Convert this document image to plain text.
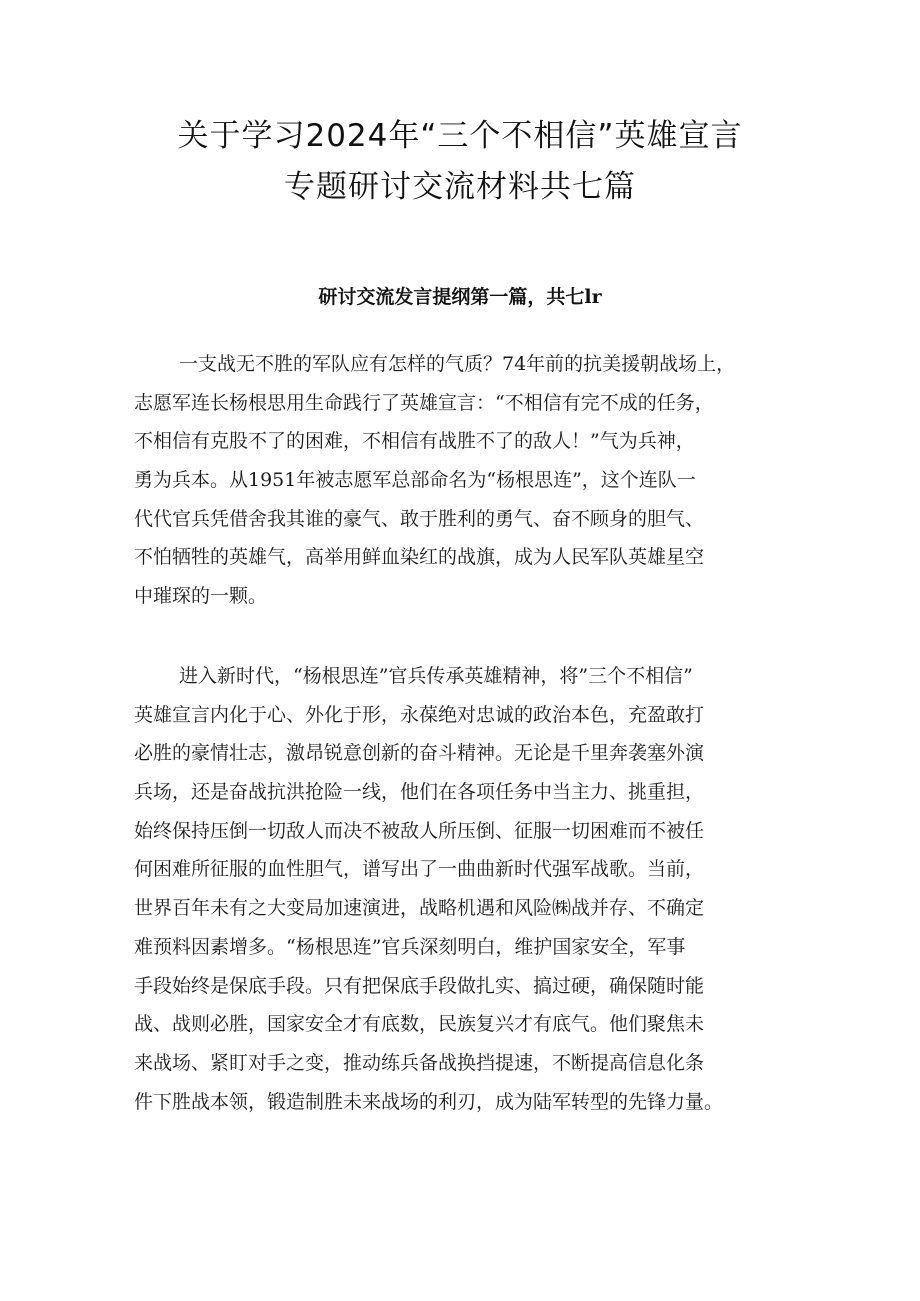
关于学习2024年“三个不相信”英雄宣言
专题研讨交流材料共七篇
研讨交流发言提纲第一篇，共七lr
一支战无不胜的军队应有怎样的气质？74年前的抗美援朝战场上，
志愿军连长杨根思用生命践行了英雄宣言：“不相信有完不成的任务，
不相信有克股不了的困难，不相信有战胜不了的敌人！”气为兵神，
勇为兵本。从1951年被志愿军总部命名为“杨根思连”，这个连队一
代代官兵凭借舍我其谁的豪气、敢于胜利的勇气、奋不顾身的胆气、
不怕牺牲的英雄气，高举用鲜血染红的战旗，成为人民军队英雄星空
中璀琛的一颗。
进入新时代，“杨根思连”官兵传承英雄精神，将”三个不相信”
英雄宣言内化于心、外化于形，永葆绝对忠诚的政治本色，充盈敢打
必胜的豪情壮志，激昂锐意创新的奋斗精神。无论是千里奔袭塞外演
兵场，还是奋战抗洪抢险一线，他们在各项任务中当主力、挑重担，
始终保持压倒一切敌人而决不被敌人所压倒、征服一切困难而不被任
何困难所征服的血性胆气，谱写出了一曲曲新时代强军战歌。当前，
世界百年未有之大变局加速演进，战略机遇和风险㈱战并存、不确定
难预料因素增多。“杨根思连”官兵深刻明白，维护国家安全，军事
手段始终是保底手段。只有把保底手段做扎实、搞过硬，确保随时能
战、战则必胜，国家安全才有底数，民族复兴才有底气。他们聚焦未
来战场、紧盯对手之变，推动练兵备战换挡提速，不断提高信息化条
件下胜战本领，锻造制胜未来战场的利刃，成为陆军转型的先锋力量。
